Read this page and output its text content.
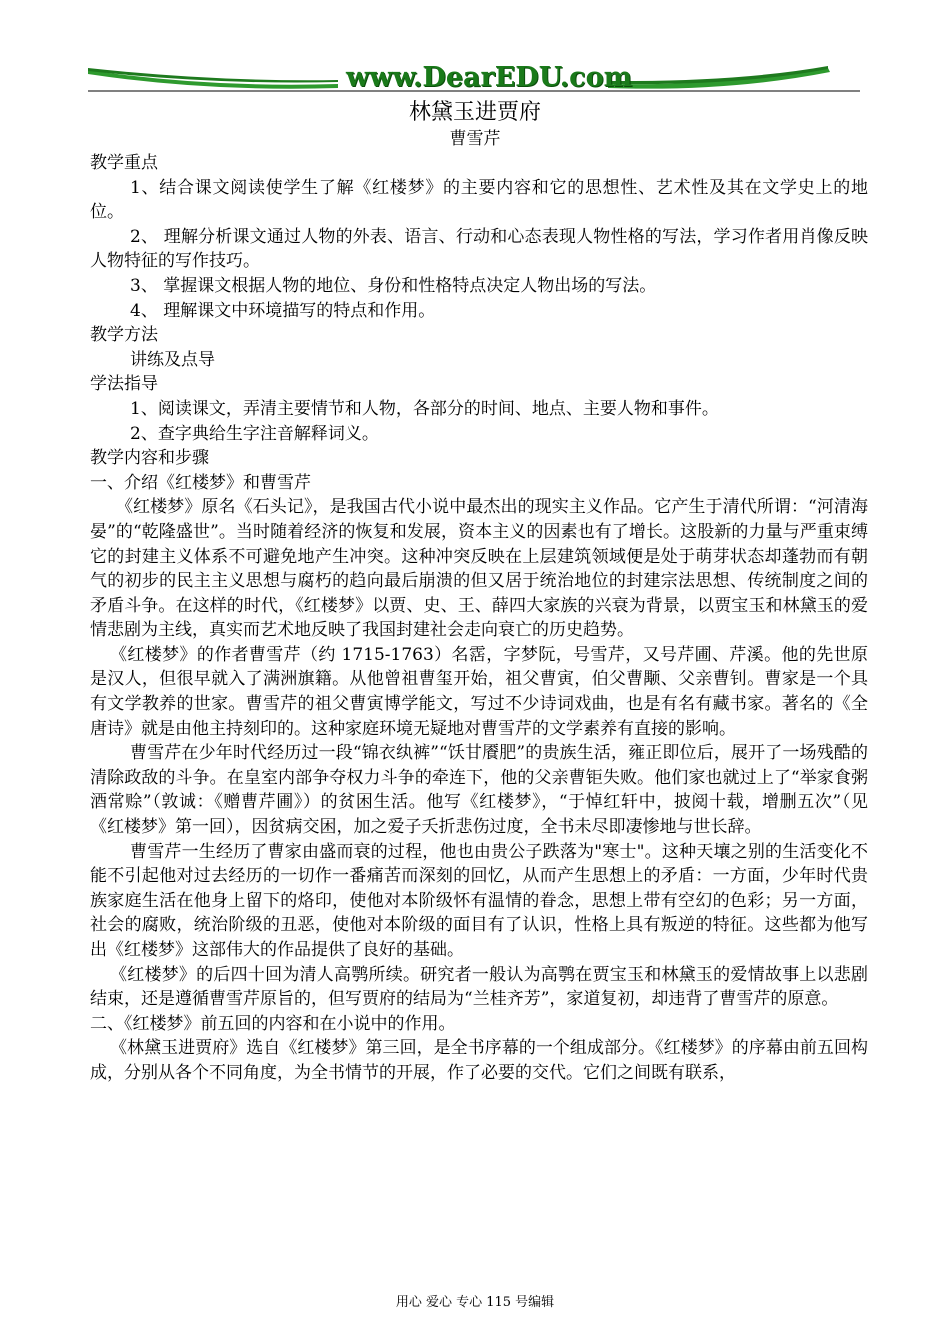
www.DearEDU.com
林黛玉进贾府
曹雪芹

教学重点

1、结合课文阅读使学生了解《红楼梦》的主要内容和它的思想性、艺术性及其在文学史上的地位。

2、 理解分析课文通过人物的外表、语言、行动和心态表现人物性格的写法，学习作者用肖像反映人物特征的写作技巧。

3、 掌握课文根据人物的地位、身份和性格特点决定人物出场的写法。

4、 理解课文中环境描写的特点和作用。

教学方法

讲练及点导

学法指导

1、阅读课文，弄清主要情节和人物，各部分的时间、地点、主要人物和事件。

2、查字典给生字注音解释词义。

教学内容和步骤

一、介绍《红楼梦》和曹雪芹

《红楼梦》原名《石头记》，是我国古代小说中最杰出的现实主义作品。它产生于清代所谓：“河清海晏”的“乾隆盛世”。当时随着经济的恢复和发展，资本主义的因素也有了增长。这股新的力量与严重束缚它的封建主义体系不可避免地产生冲突。这种冲突反映在上层建筑领域便是处于萌芽状态却蓬勃而有朝气的初步的民主主义思想与腐朽的趋向最后崩溃的但又居于统治地位的封建宗法思想、传统制度之间的矛盾斗争。在这样的时代，《红楼梦》以贾、史、王、薛四大家族的兴衰为背景，以贾宝玉和林黛玉的爱情悲剧为主线，真实而艺术地反映了我国封建社会走向衰亡的历史趋势。

《红楼梦》的作者曹雪芹（约 1715-1763）名霑，字梦阮，号雪芹，又号芹圃、芹溪。他的先世原是汉人，但很早就入了满洲旗籍。从他曾祖曹玺开始，祖父曹寅，伯父曹颙、父亲曹钊。曹家是一个具有文学教养的世家。曹雪芹的祖父曹寅博学能文，写过不少诗词戏曲，也是有名有藏书家。著名的《全唐诗》就是由他主持刻印的。这种家庭环境无疑地对曹雪芹的文学素养有直接的影响。

曹雪芹在少年时代经历过一段“锦衣纨裤”“饫甘餍肥”的贵族生活，雍正即位后，展开了一场残酷的清除政敌的斗争。在皇室内部争夺权力斗争的牵连下，他的父亲曹钜失败。他们家也就过上了“举家食粥酒常赊”（敦诚：《赠曹芹圃》）的贫困生活。他写《红楼梦》，“于悼红轩中，披阅十载，增删五次”（见《红楼梦》第一回），因贫病交困，加之爱子夭折悲伤过度，全书未尽即凄惨地与世长辞。

曹雪芹一生经历了曹家由盛而衰的过程，他也由贵公子跌落为"寒士"。这种天壤之别的生活变化不能不引起他对过去经历的一切作一番痛苦而深刻的回忆，从而产生思想上的矛盾：一方面，少年时代贵族家庭生活在他身上留下的烙印，使他对本阶级怀有温情的眷念，思想上带有空幻的色彩；另一方面，社会的腐败，统治阶级的丑恶，使他对本阶级的面目有了认识，性格上具有叛逆的特征。这些都为他写出《红楼梦》这部伟大的作品提供了良好的基础。

《红楼梦》的后四十回为清人高鹗所续。研究者一般认为高鹗在贾宝玉和林黛玉的爱情故事上以悲剧结束，还是遵循曹雪芹原旨的，但写贾府的结局为“兰桂齐芳”，家道复初，却违背了曹雪芹的原意。

二、《红楼梦》前五回的内容和在小说中的作用。

《林黛玉进贾府》选自《红楼梦》第三回，是全书序幕的一个组成部分。《红楼梦》的序幕由前五回构成，分别从各个不同角度，为全书情节的开展，作了必要的交代。它们之间既有联系，

用心 爱心 专心 115 号编辑
